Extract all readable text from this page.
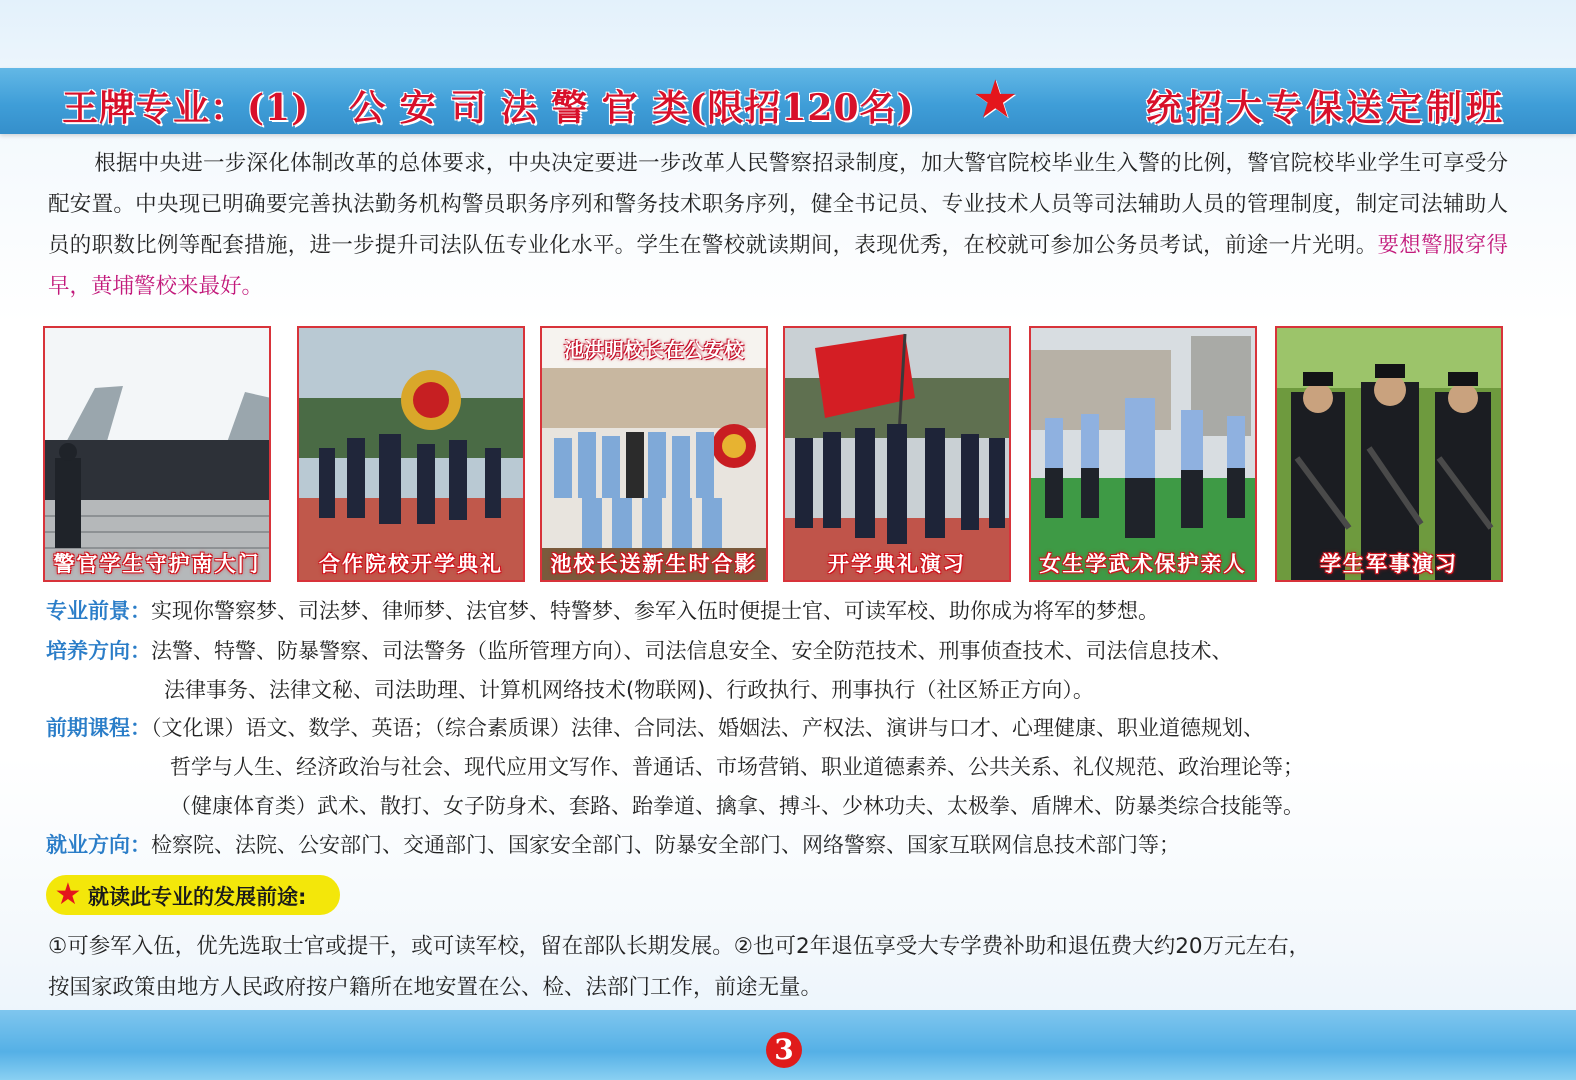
王牌专业：(1) 公 安 司 法 警 官 类(限招120名) ★	统招大专保送定制班
根据中央进一步深化体制改革的总体要求，中央决定要进一步改革人民警察招录制度，加大警官院校毕业生入警的比例，警官院校毕业学生可享受分配安置。中央现已明确要完善执法勤务机构警员职务序列和警务技术职务序列，健全书记员、专业技术人员等司法辅助人员的管理制度，制定司法辅助人员的职数比例等配套措施，进一步提升司法队伍专业化水平。学生在警校就读期间，表现优秀，在校就可参加公务员考试，前途一片光明。要想警服穿得早，黄埔警校来最好。
警官学生守护南大门	合作院校开学典礼
池洪明校长在公安校
池校长送新生时合影	开学典礼演习	女生学武术保护亲人	学生军事演习
专业前景：实现你警察梦、司法梦、律师梦、法官梦、特警梦、参军入伍时便提士官、可读军校、助你成为将军的梦想。
培养方向：法警、特警、防暴警察、司法警务（监所管理方向）、司法信息安全、安全防范技术、刑事侦查技术、司法信息技术、
法律事务、法律文秘、司法助理、计算机网络技术(物联网)、行政执行、刑事执行（社区矫正方向）。
前期课程：（文化课）语文、数学、英语；（综合素质课）法律、合同法、婚姻法、产权法、演讲与口才、心理健康、职业道德规划、
哲学与人生、经济政治与社会、现代应用文写作、普通话、市场营销、职业道德素养、公共关系、礼仪规范、政治理论等；
（健康体育类）武术、散打、女子防身术、套路、跆拳道、擒拿、搏斗、少林功夫、太极拳、盾牌术、防暴类综合技能等。
就业方向：检察院、法院、公安部门、交通部门、国家安全部门、防暴安全部门、网络警察、国家互联网信息技术部门等；
★ 就读此专业的发展前途:
①可参军入伍，优先选取士官或提干，或可读军校，留在部队长期发展。②也可2年退伍享受大专学费补助和退伍费大约20万元左右，
按国家政策由地方人民政府按户籍所在地安置在公、检、法部门工作，前途无量。
3
